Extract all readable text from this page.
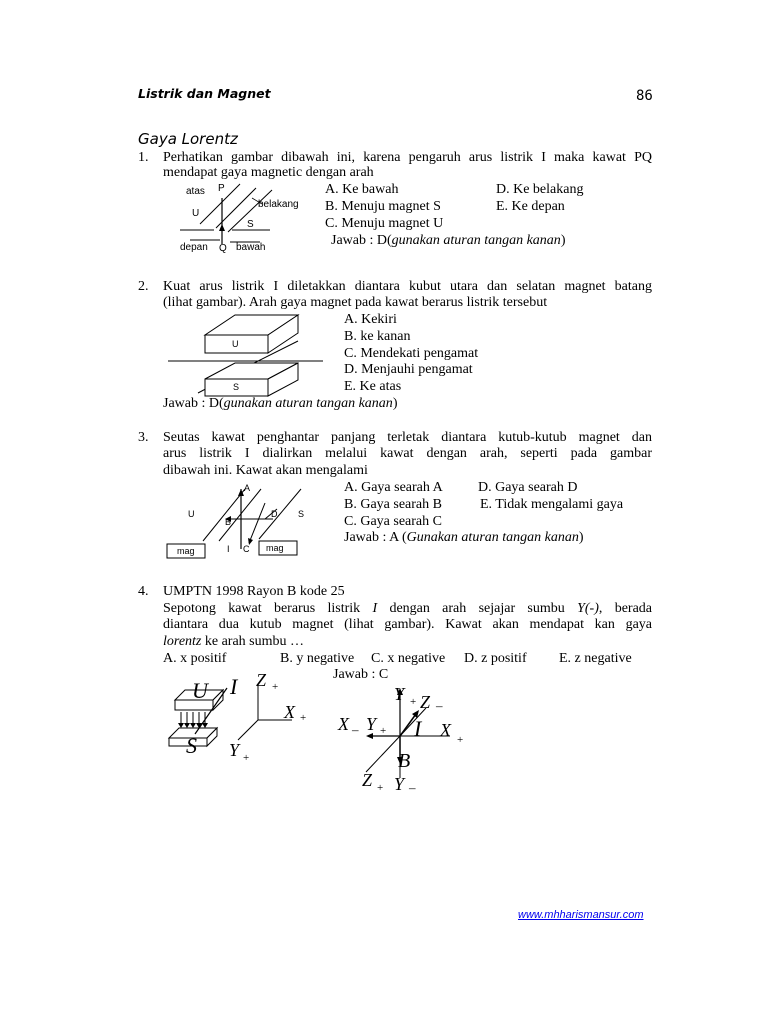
Listrik dan Magnet	86
Gaya Lorentz
1. Perhatikan gambar dibawah ini, karena pengaruh arus listrik I maka kawat PQ
mendapat gaya magnetic dengan arah
atas P
belakang
U
S
depan Q bawah
A. Ke bawah
B. Menuju magnet S
C. Menuju magnet U
D. Ke belakang
E. Ke depan
Jawab : D(gunakan aturan tangan kanan)
2. Kuat arus listrik I diletakkan diantara kubut utara dan selatan magnet batang
(lihat gambar). Arah gaya magnet pada kawat berarus listrik tersebut
U
S
A. Kekiri
B. ke kanan
C. Mendekati pengamat
D. Menjauhi pengamat
E. Ke atas
Jawab : D(gunakan aturan tangan kanan)
3. Seutas kawat penghantar panjang terletak diantara kutub-kutub magnet dan
arus listrik I dialirkan melalui kawat dengan arah, seperti pada gambar
dibawah ini. Kawat akan mengalami
A
U
B
D S
I C
mag	mag
A. Gaya searah A
B. Gaya searah B
C. Gaya searah C
D. Gaya searah D
E. Tidak mengalami gaya
Jawab : A (Gunakan aturan tangan kanan)
4. UMPTN 1998 Rayon B kode 25
Sepotong kawat berarus listrik I dengan arah sejajar sumbu Y(-), berada
diantara dua kutub magnet (lihat gambar). Kawat akan mendapat kan gaya
lorentz ke arah sumbu …
A. x positif	B. y negative C. x negative D. z positif E. z negative
Jawab : C
U
S
I Z +
X +
Y +
Y + Z –
X – Y + I X +
B
Z + Y –
www.mhharismansur.com
